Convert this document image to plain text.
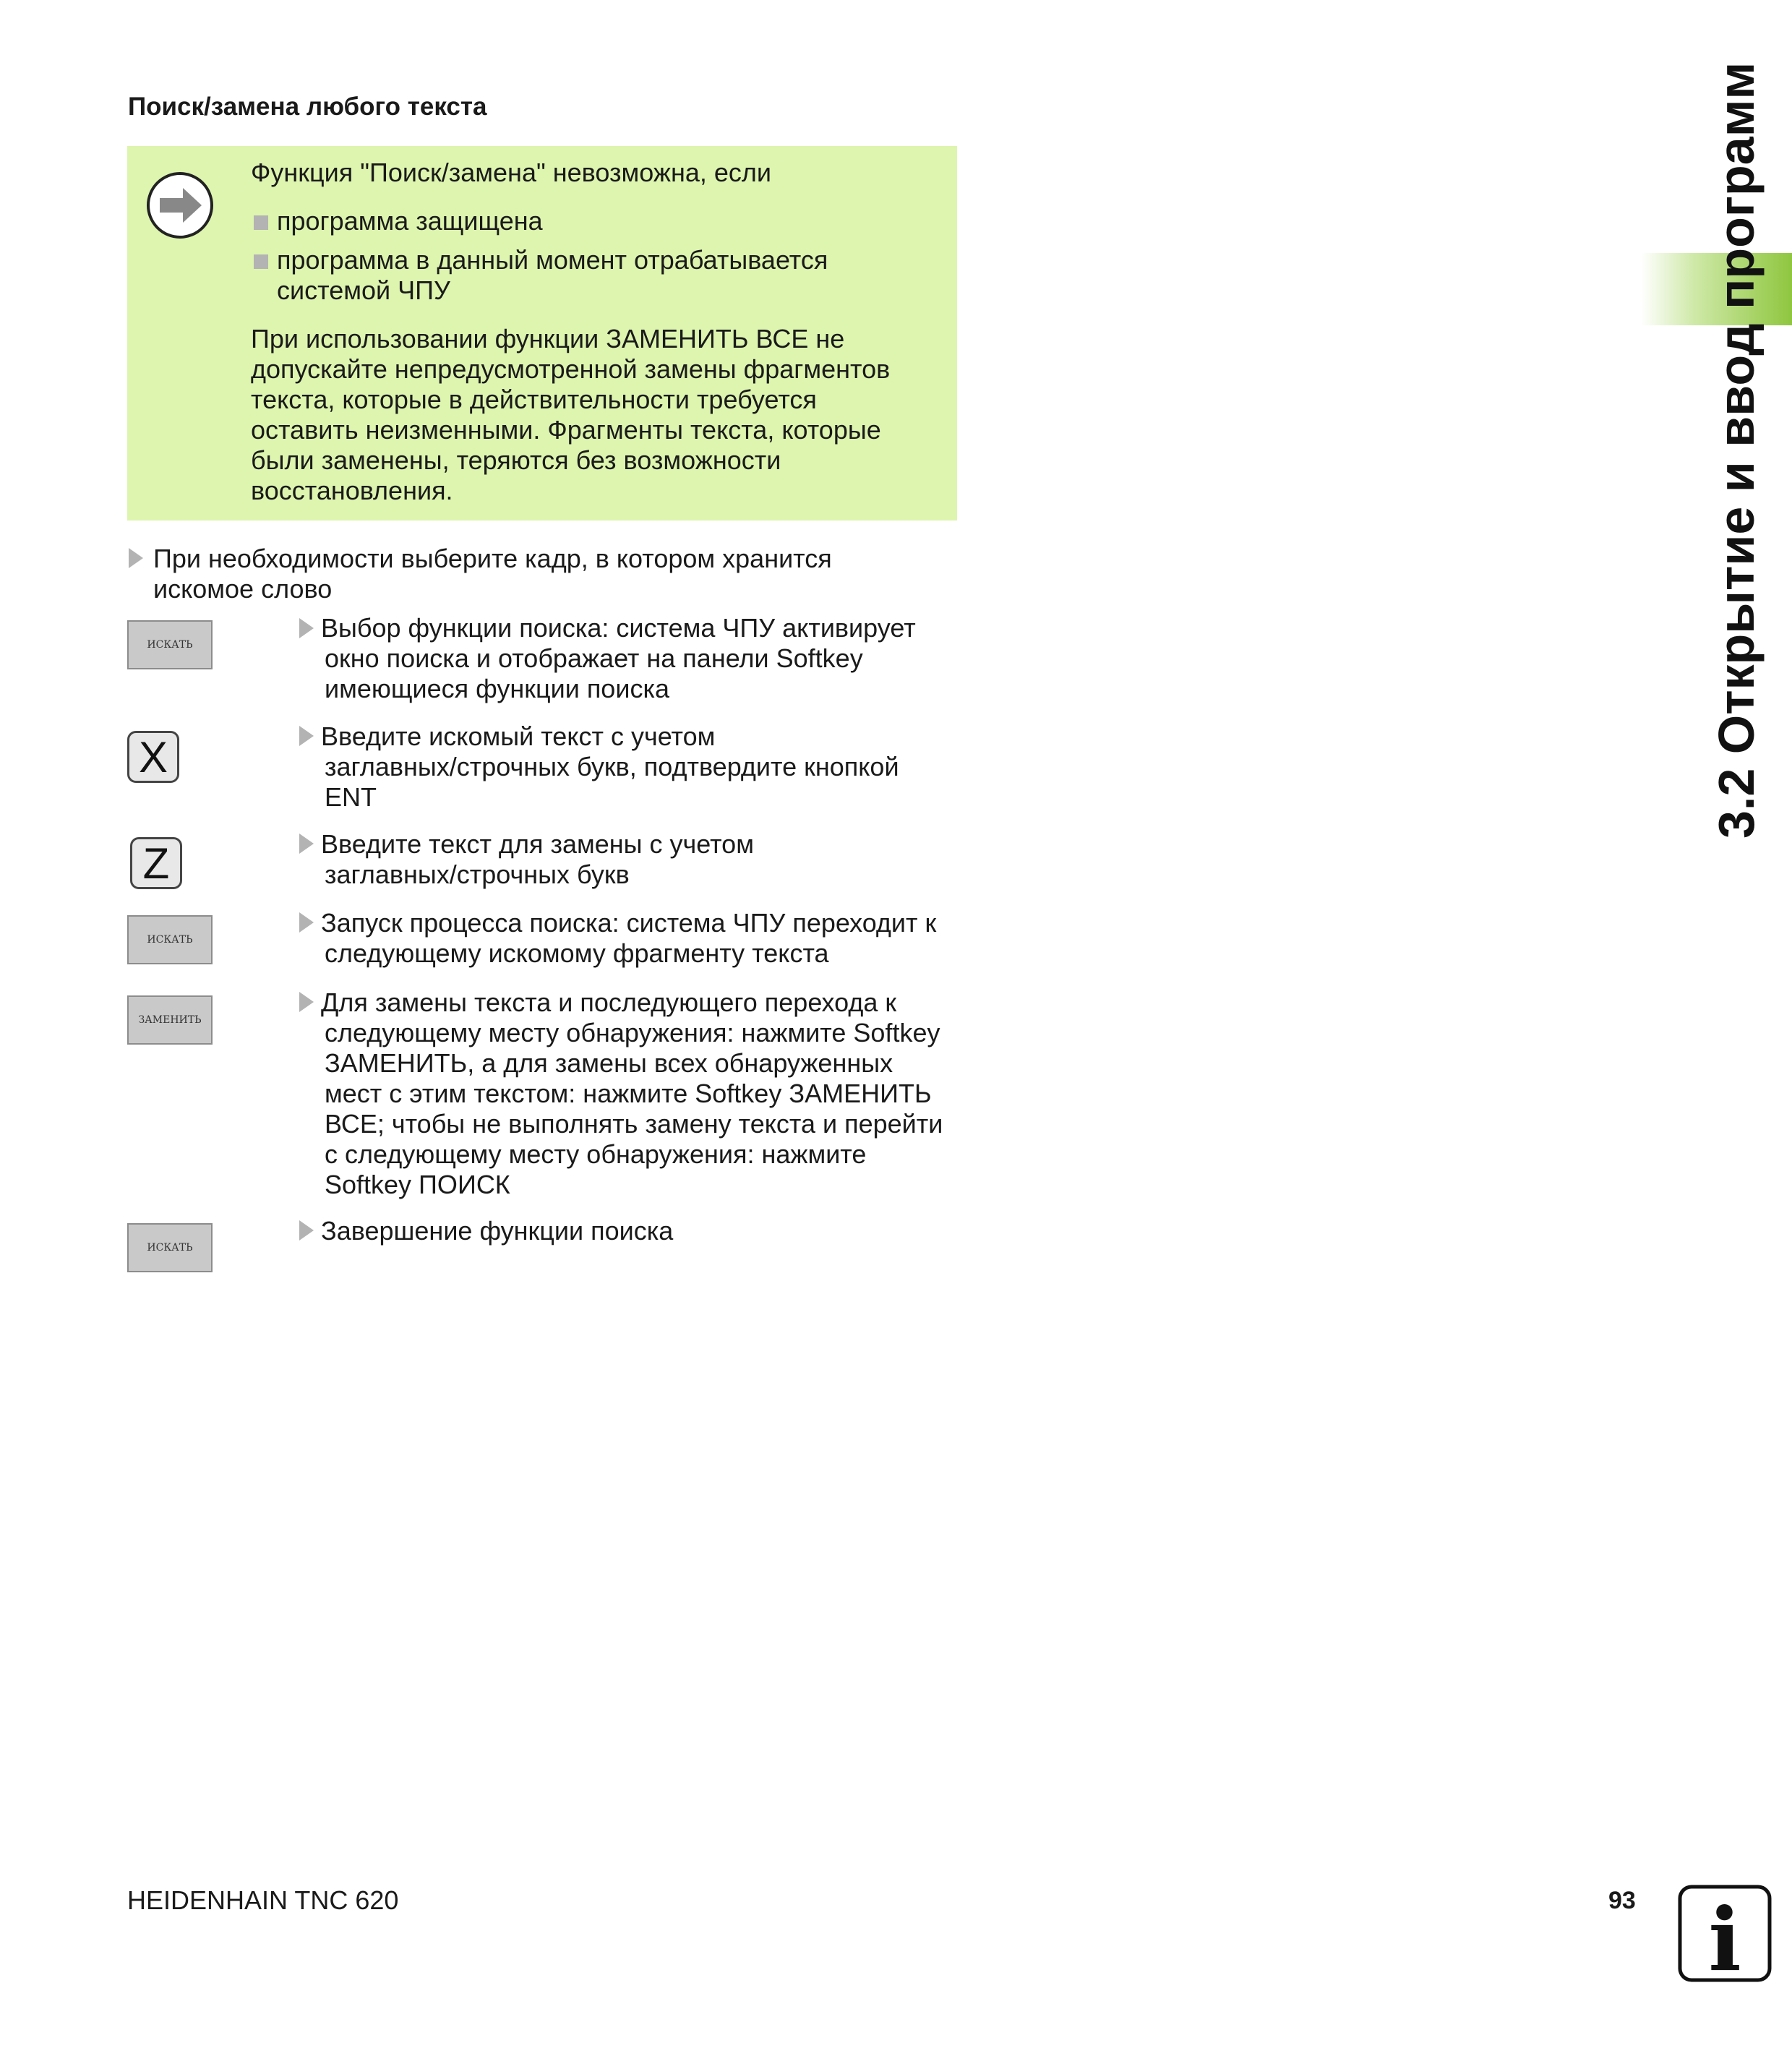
Поиск/замена любого текста
Функция "Поиск/замена" невозможна, если
программа защищена
программа в данный момент отрабатывается
системой ЧПУ
При использовании функции ЗАМЕНИТЬ ВСЕ не
допускайте непредусмотренной замены фрагментов
текста, которые в действительности требуется
оставить неизменными. Фрагменты текста, которые
были заменены, теряются без возможности
восстановления.
При необходимости выберите кадр, в котором хранится
искомое слово
ИСКАТЬ
Выбор функции поиска: система ЧПУ активирует
окно поиска и отображает на панели Softkey
имеющиеся функции поиска
X	Введите искомый текст с учетом
заглавных/строчных букв, подтвердите кнопкой
ENT
Z	Введите текст для замены с учетом
заглавных/строчных букв
ИСКАТЬ
Запуск процесса поиска: система ЧПУ переходит к
следующему искомому фрагменту текста
ЗАМЕНИТЬ
Для замены текста и последующего перехода к
следующему месту обнаружения: нажмите Softkey
ЗАМЕНИТЬ, а для замены всех обнаруженных
мест с этим текстом: нажмите Softkey ЗАМЕНИТЬ
ВСЕ; чтобы не выполнять замену текста и перейти
с следующему месту обнаружения: нажмите
Softkey ПОИСК
ИСКАТЬ
Завершение функции поиска
3.2 Открытие и ввод программ
HEIDENHAIN TNC 620	93 i
